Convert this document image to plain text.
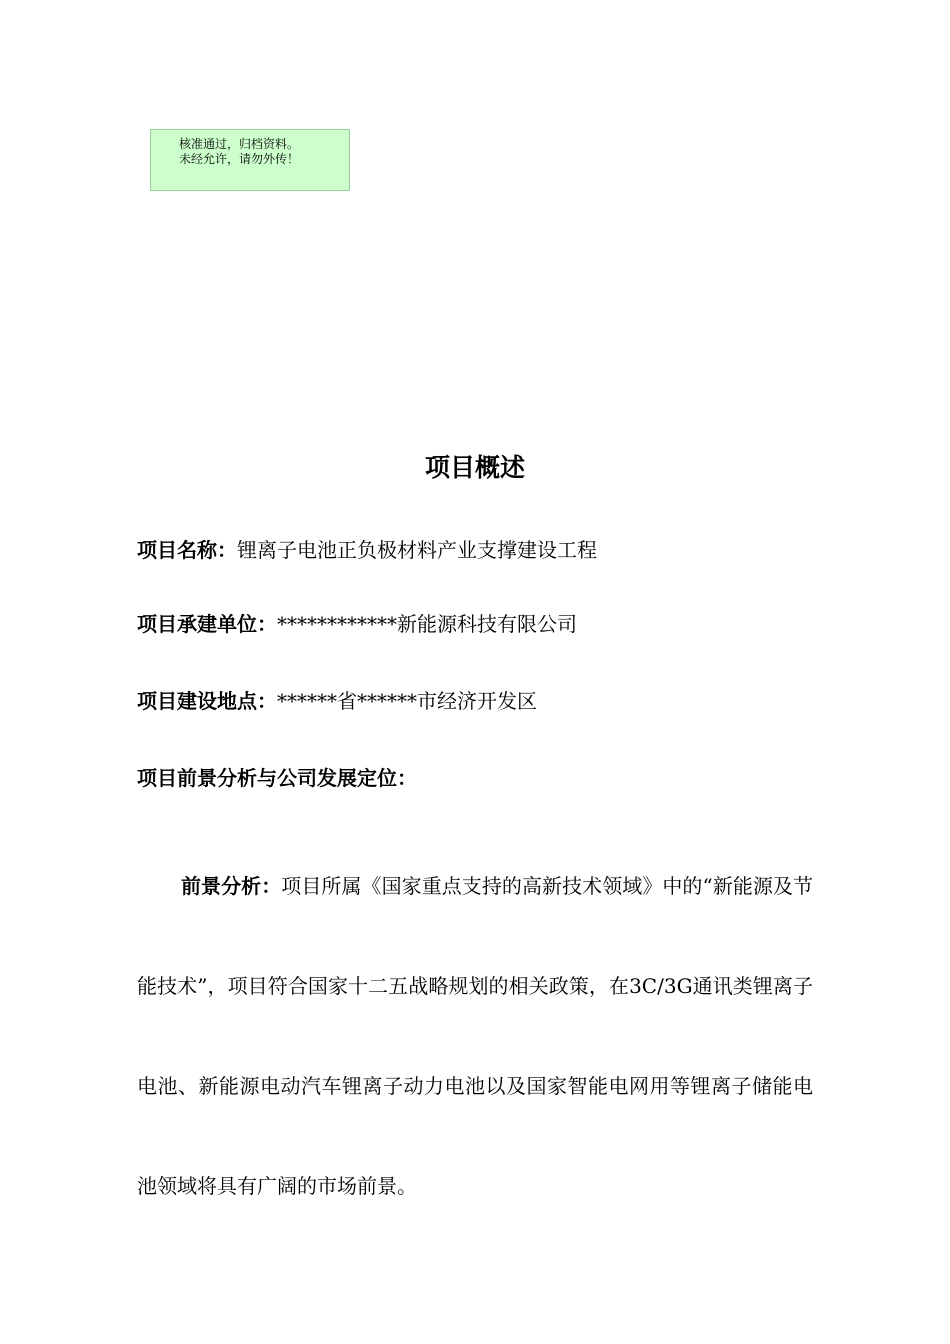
核准通过，归档资料。
未经允许，请勿外传！
项目概述
项目名称：锂离子电池正负极材料产业支撑建设工程
项目承建单位：************新能源科技有限公司
项目建设地点：******省******市经济开发区
项目前景分析与公司发展定位：
前景分析：项目所属《国家重点支持的高新技术领域》中的“新能源及节能技术”，项目符合国家十二五战略规划的相关政策，在3C/3G通讯类锂离子电池、新能源电动汽车锂离子动力电池以及国家智能电网用等锂离子储能电池领域将具有广阔的市场前景。
